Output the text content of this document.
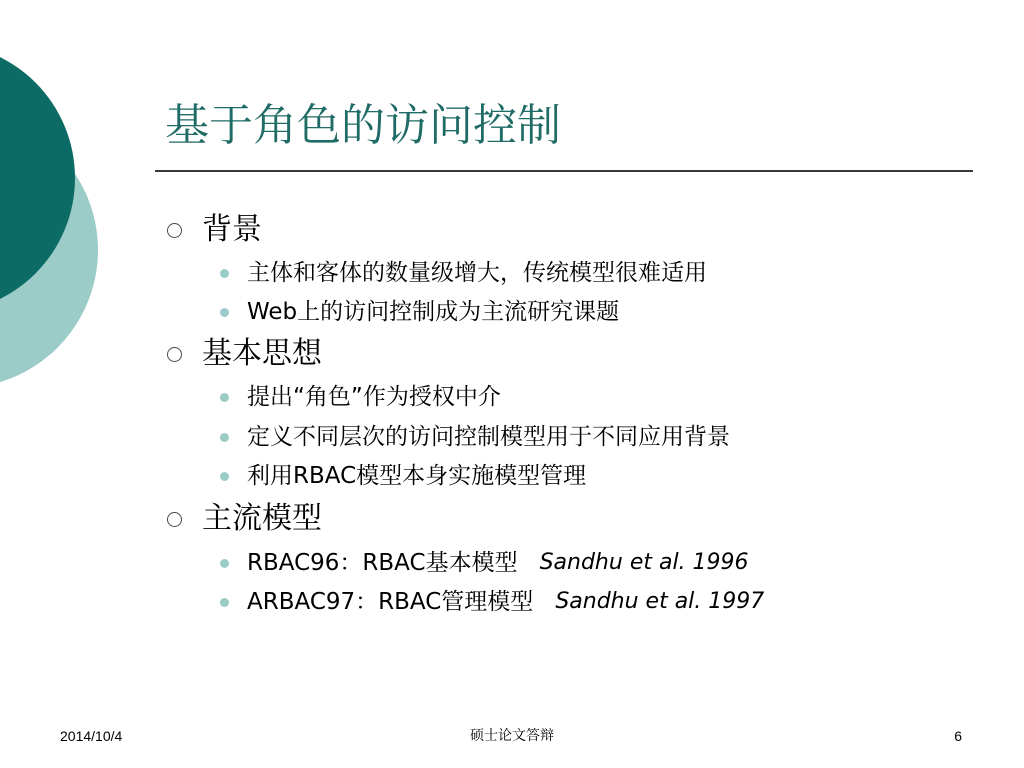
基于角色的访问控制
背景
主体和客体的数量级增大，传统模型很难适用
Web上的访问控制成为主流研究课题
基本思想
提出“角色”作为授权中介
定义不同层次的访问控制模型用于不同应用背景
利用RBAC模型本身实施模型管理
主流模型
RBAC96：RBAC基本模型 Sandhu et al. 1996
ARBAC97：RBAC管理模型 Sandhu et al. 1997
2014/10/4	硕士论文答辩	6
